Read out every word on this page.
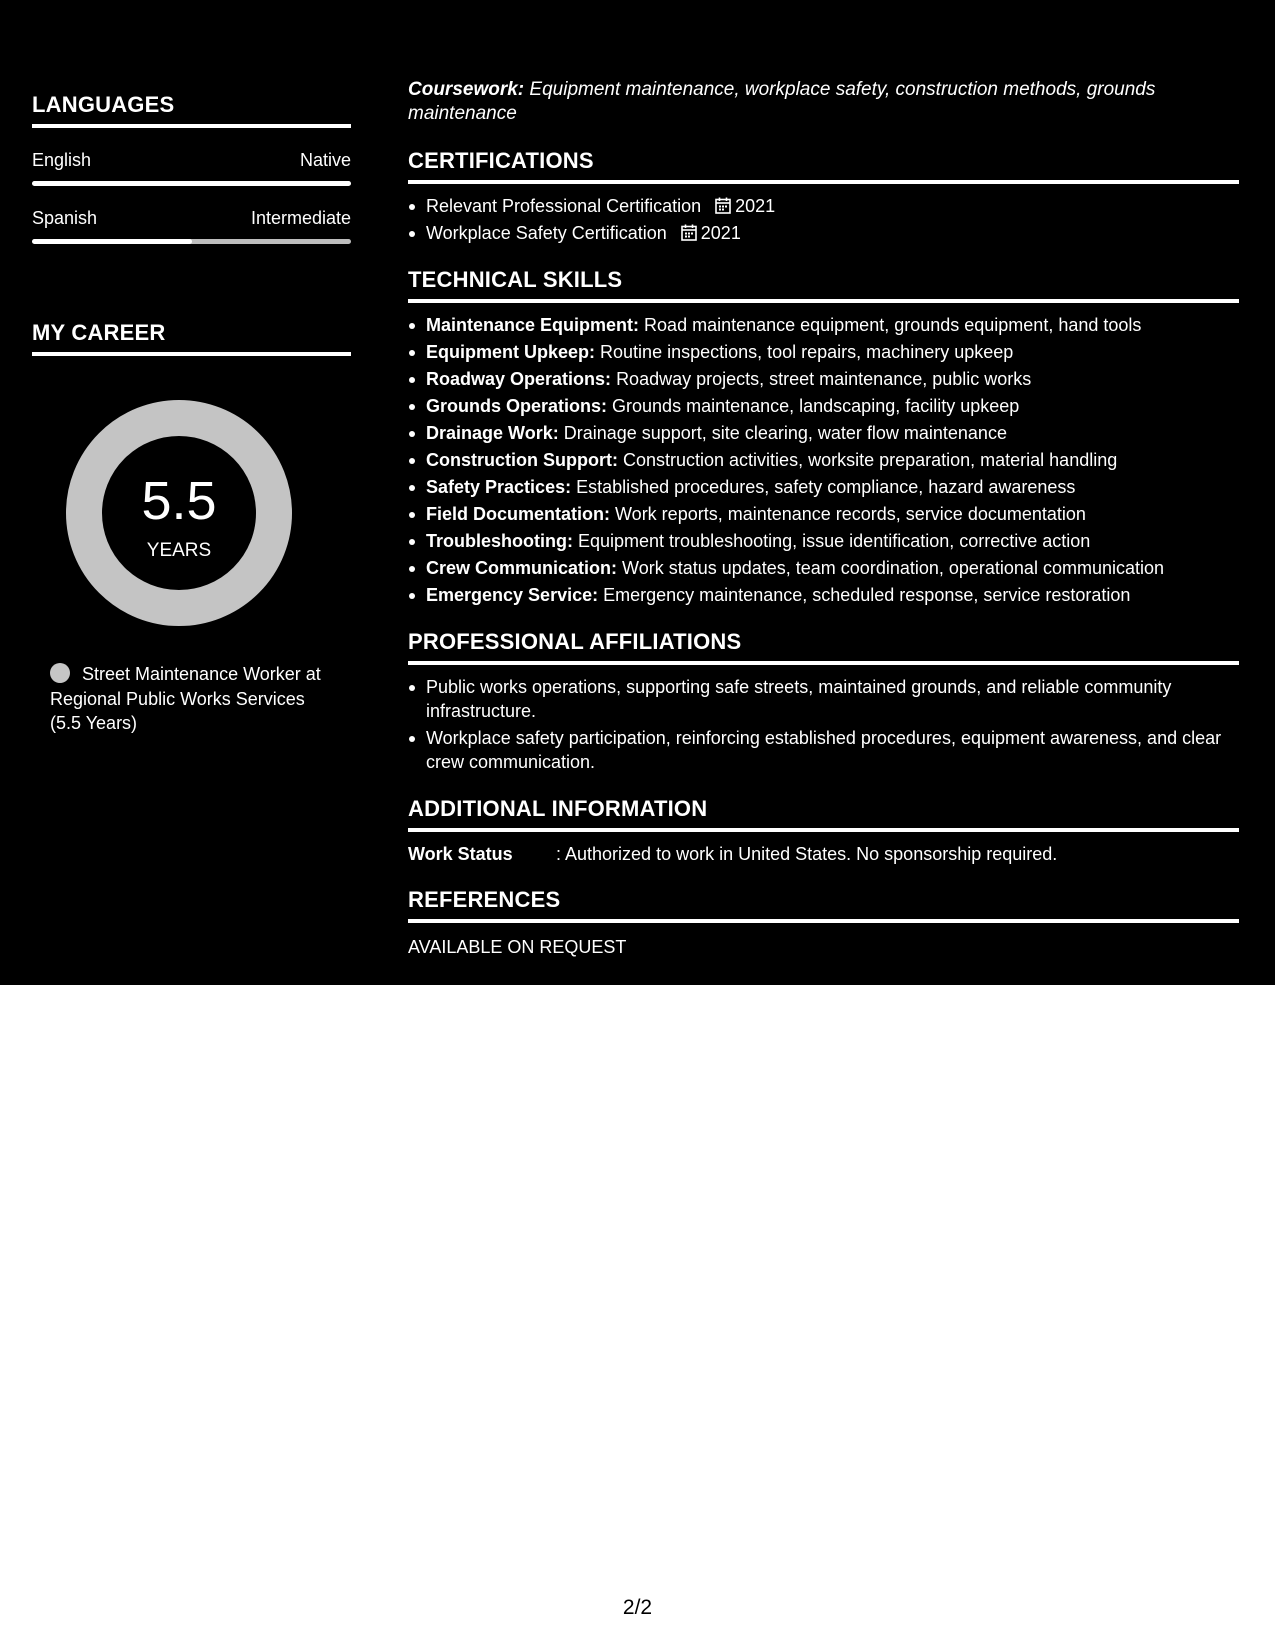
LANGUAGES
English	Native
Spanish	Intermediate
MY CAREER
5.5
YEARS
Street Maintenance Worker at Regional Public Works Services (5.5 Years)
Coursework: Equipment maintenance, workplace safety, construction methods, grounds maintenance
CERTIFICATIONS
Relevant Professional Certification 2021
Workplace Safety Certification 2021
TECHNICAL SKILLS
Maintenance Equipment: Road maintenance equipment, grounds equipment, hand tools
Equipment Upkeep: Routine inspections, tool repairs, machinery upkeep
Roadway Operations: Roadway projects, street maintenance, public works
Grounds Operations: Grounds maintenance, landscaping, facility upkeep
Drainage Work: Drainage support, site clearing, water flow maintenance
Construction Support: Construction activities, worksite preparation, material handling
Safety Practices: Established procedures, safety compliance, hazard awareness
Field Documentation: Work reports, maintenance records, service documentation
Troubleshooting: Equipment troubleshooting, issue identification, corrective action
Crew Communication: Work status updates, team coordination, operational communication
Emergency Service: Emergency maintenance, scheduled response, service restoration
PROFESSIONAL AFFILIATIONS
Public works operations, supporting safe streets, maintained grounds, and reliable community infrastructure.
Workplace safety participation, reinforcing established procedures, equipment awareness, and clear crew communication.
ADDITIONAL INFORMATION
Work Status	: Authorized to work in United States. No sponsorship required.
REFERENCES
AVAILABLE ON REQUEST
2/2
